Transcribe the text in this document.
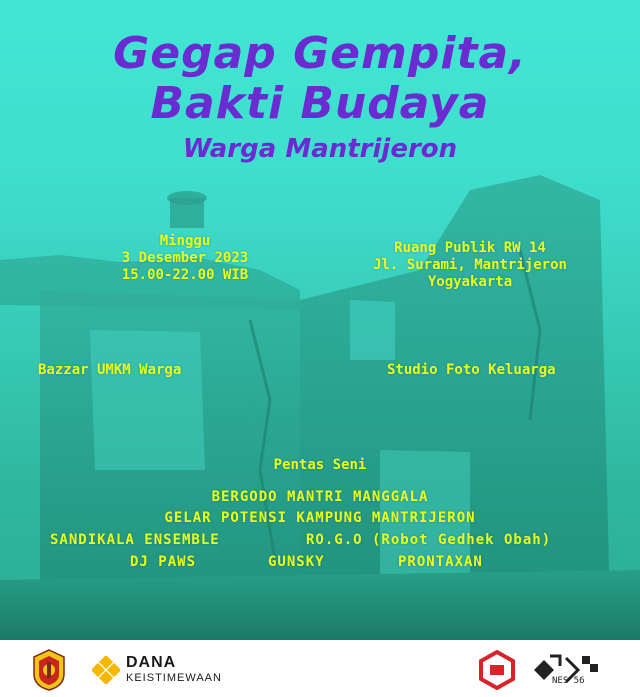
Gegap Gempita,
Bakti Budaya
Warga Mantrijeron
Minggu
3 Desember 2023
15.00-22.00 WIB
Ruang Publik RW 14
Jl. Surami, Mantrijeron
Yogyakarta
Bazzar UMKM Warga	Studio Foto Keluarga
Pentas Seni
BERGODO MANTRI MANGGALA
GELAR POTENSI KAMPUNG MANTRIJERON
SANDIKALA ENSEMBLE	RO.G.O (Robot Gedhek Obah)
DJ PAWS	GUNSKY	PRONTAXAN
DANA
KEISTIMEWAAN	NES 56
